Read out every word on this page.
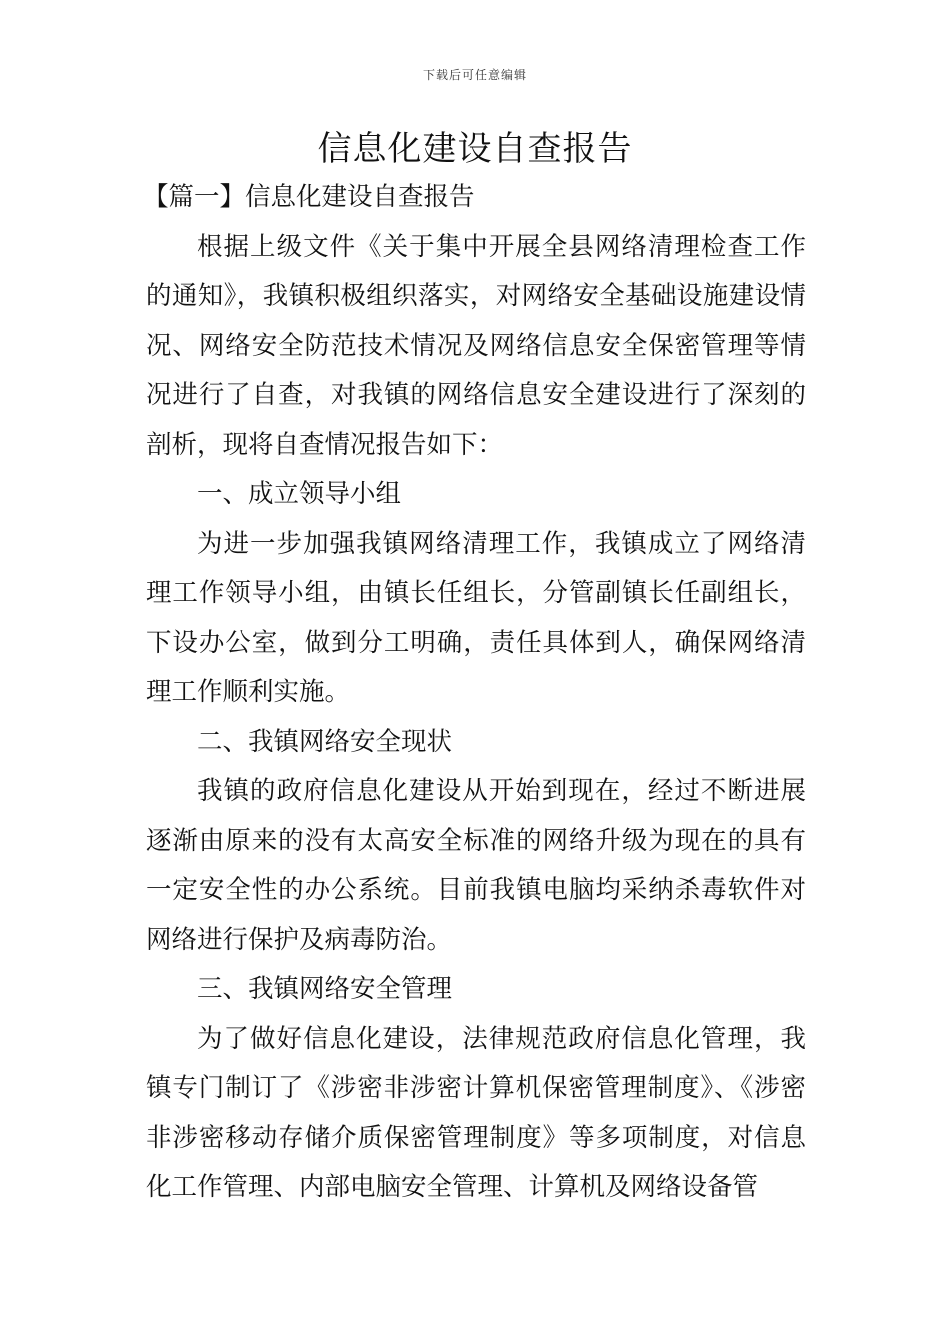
下载后可任意编辑
信息化建设自查报告

【篇一】信息化建设自查报告

根据上级文件《关于集中开展全县网络清理检查工作的通知》，我镇积极组织落实，对网络安全基础设施建设情况、网络安全防范技术情况及网络信息安全保密管理等情况进行了自查，对我镇的网络信息安全建设进行了深刻的剖析，现将自查情况报告如下：

一、成立领导小组

为进一步加强我镇网络清理工作，我镇成立了网络清理工作领导小组，由镇长任组长，分管副镇长任副组长，下设办公室，做到分工明确，责任具体到人，确保网络清理工作顺利实施。

二、我镇网络安全现状

我镇的政府信息化建设从开始到现在，经过不断进展逐渐由原来的没有太高安全标准的网络升级为现在的具有一定安全性的办公系统。目前我镇电脑均采纳杀毒软件对网络进行保护及病毒防治。

三、我镇网络安全管理

为了做好信息化建设，法律规范政府信息化管理，我镇专门制订了《涉密非涉密计算机保密管理制度》、《涉密非涉密移动存储介质保密管理制度》等多项制度，对信息化工作管理、内部电脑安全管理、计算机及网络设备管
